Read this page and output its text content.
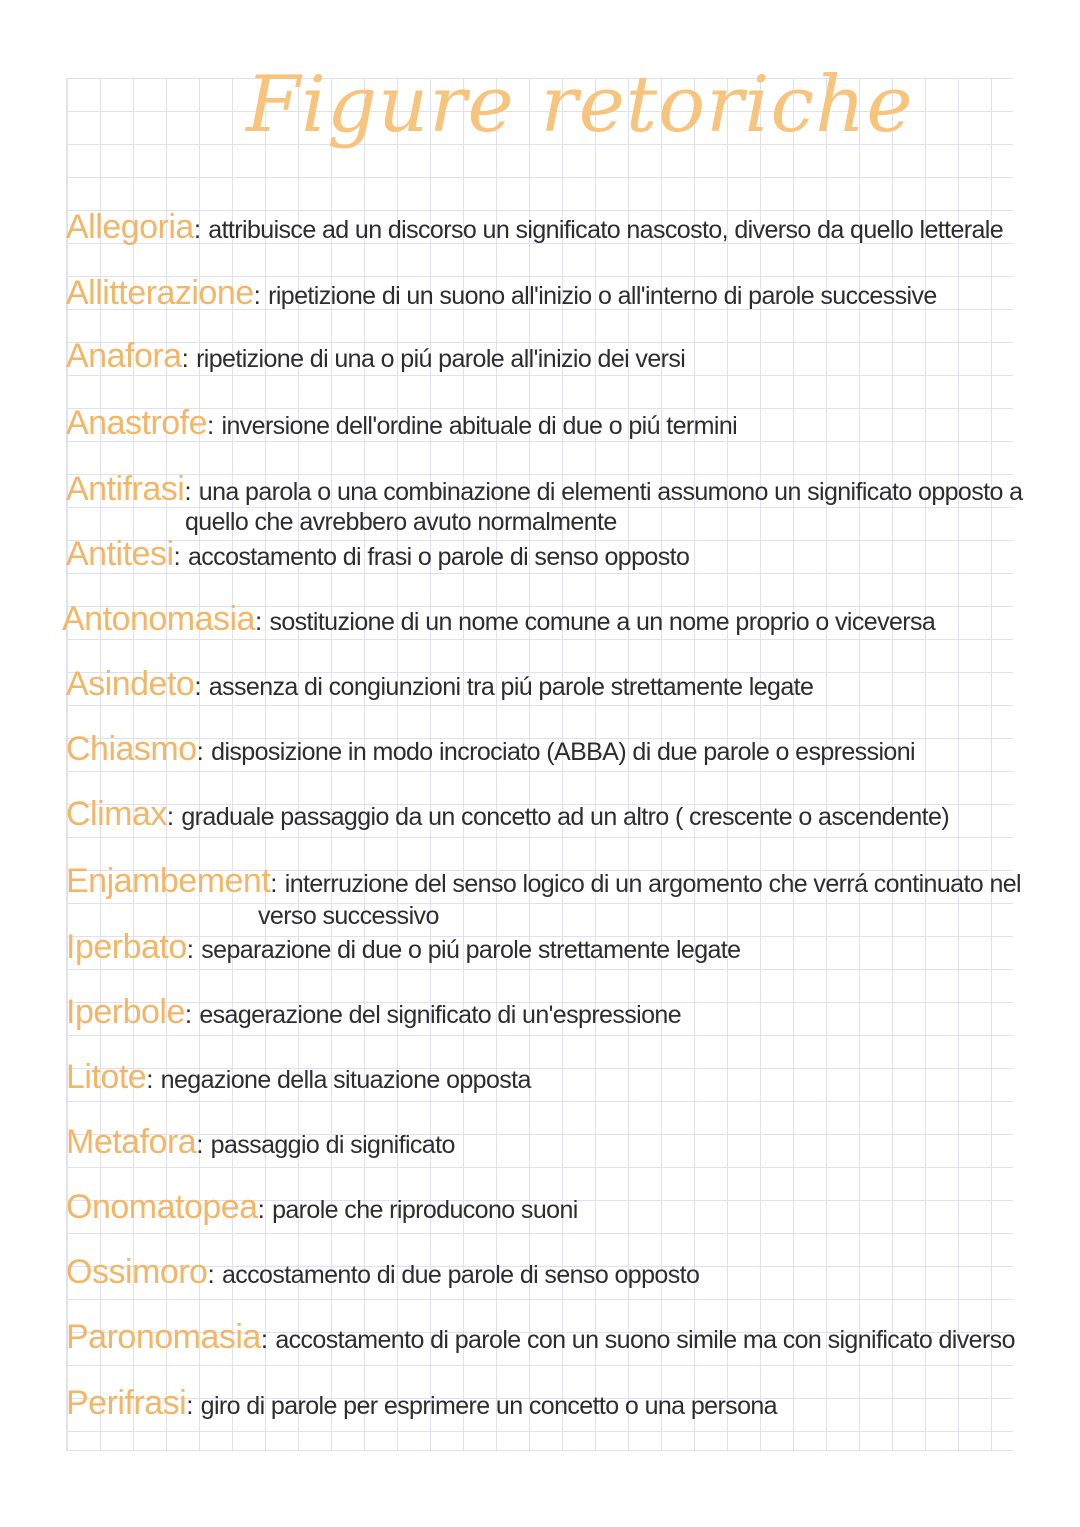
Figure retoriche
Allegoria: attribuisce ad un discorso un significato nascosto, diverso da quello letterale
Allitterazione: ripetizione di un suono all'inizio o all'interno di parole successive
Anafora: ripetizione di una o piú parole all'inizio dei versi
Anastrofe: inversione dell'ordine abituale di due o piú termini
Antifrasi: una parola o una combinazione di elementi assumono un significato opposto a
quello che avrebbero avuto normalmente
Antitesi: accostamento di frasi o parole di senso opposto
Antonomasia: sostituzione di un nome comune a un nome proprio o viceversa
Asindeto: assenza di congiunzioni tra piú parole strettamente legate
Chiasmo: disposizione in modo incrociato (ABBA) di due parole o espressioni
Climax: graduale passaggio da un concetto ad un altro ( crescente o ascendente)
Enjambement: interruzione del senso logico di un argomento che verrá continuato nel
verso successivo
Iperbato: separazione di due o piú parole strettamente legate
Iperbole: esagerazione del significato di un'espressione
Litote: negazione della situazione opposta
Metafora: passaggio di significato
Onomatopea: parole che riproducono suoni
Ossimoro: accostamento di due parole di senso opposto
Paronomasia: accostamento di parole con un suono simile ma con significato diverso
Perifrasi: giro di parole per esprimere un concetto o una persona
